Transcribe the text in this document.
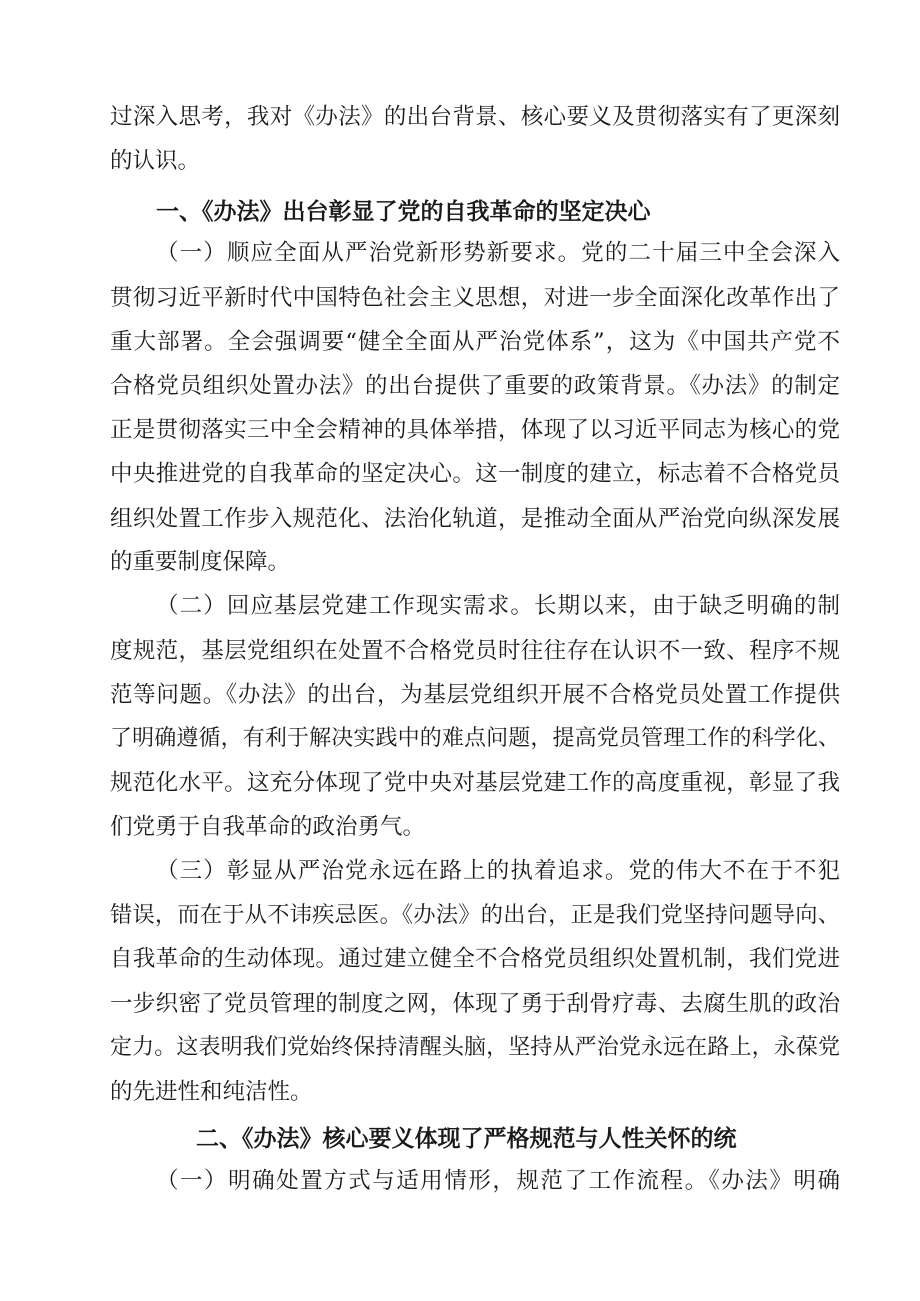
过深入思考，我对《办法》的出台背景、核心要义及贯彻落实有了更深刻
的认识。
一、《办法》出台彰显了党的自我革命的坚定决心
（一）顺应全面从严治党新形势新要求。党的二十届三中全会深入
贯彻习近平新时代中国特色社会主义思想，对进一步全面深化改革作出了
重大部署。全会强调要“健全全面从严治党体系”，这为《中国共产党不
合格党员组织处置办法》的出台提供了重要的政策背景。《办法》的制定
正是贯彻落实三中全会精神的具体举措，体现了以习近平同志为核心的党
中央推进党的自我革命的坚定决心。这一制度的建立，标志着不合格党员
组织处置工作步入规范化、法治化轨道，是推动全面从严治党向纵深发展
的重要制度保障。
（二）回应基层党建工作现实需求。长期以来，由于缺乏明确的制
度规范，基层党组织在处置不合格党员时往往存在认识不一致、程序不规
范等问题。《办法》的出台，为基层党组织开展不合格党员处置工作提供
了明确遵循，有利于解决实践中的难点问题，提高党员管理工作的科学化、
规范化水平。这充分体现了党中央对基层党建工作的高度重视，彰显了我
们党勇于自我革命的政治勇气。
（三）彰显从严治党永远在路上的执着追求。党的伟大不在于不犯
错误，而在于从不讳疾忌医。《办法》的出台，正是我们党坚持问题导向、
自我革命的生动体现。通过建立健全不合格党员组织处置机制，我们党进
一步织密了党员管理的制度之网，体现了勇于刮骨疗毒、去腐生肌的政治
定力。这表明我们党始终保持清醒头脑，坚持从严治党永远在路上，永葆党
的先进性和纯洁性。
二、《办法》核心要义体现了严格规范与人性关怀的统
（一）明确处置方式与适用情形，规范了工作流程。《办法》明确
